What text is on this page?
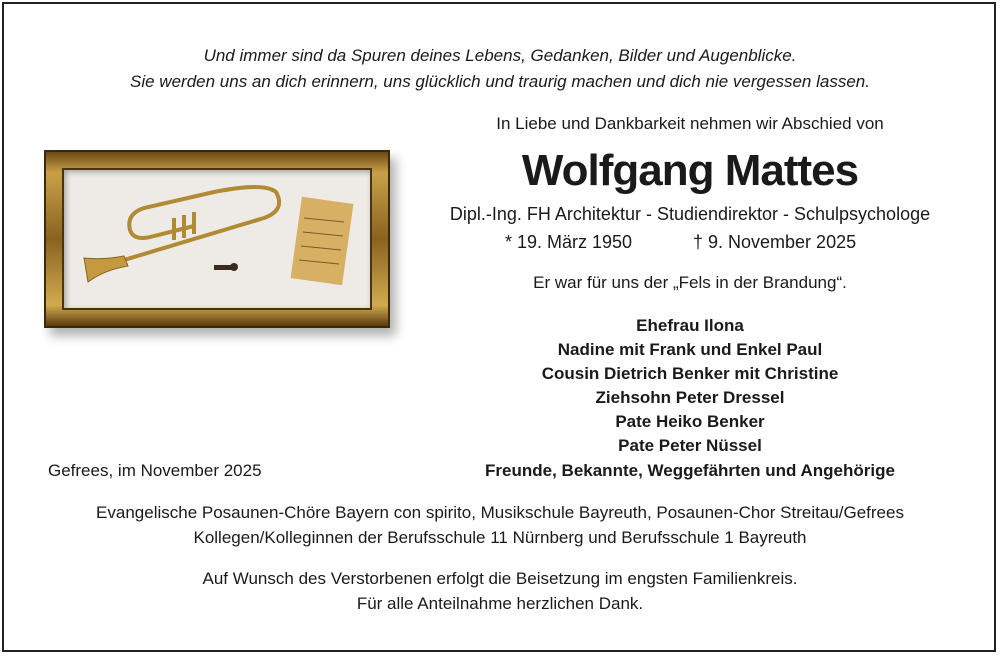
Und immer sind da Spuren deines Lebens, Gedanken, Bilder und Augenblicke.
Sie werden uns an dich erinnern, uns glücklich und traurig machen und dich nie vergessen lassen.
In Liebe und Dankbarkeit nehmen wir Abschied von
Wolfgang Mattes
Dipl.-Ing. FH Architektur - Studiendirektor - Schulpsychologe
* 19. März 1950	† 9. November 2025
Er war für uns der „Fels in der Brandung“.
Ehefrau Ilona
Nadine mit Frank und Enkel Paul
Cousin Dietrich Benker mit Christine
Ziehsohn Peter Dressel
Pate Heiko Benker
Pate Peter Nüssel
Freunde, Bekannte, Weggefährten und Angehörige
Gefrees, im November 2025
Evangelische Posaunen-Chöre Bayern con spirito, Musikschule Bayreuth, Posaunen-Chor Streitau/Gefrees
Kollegen/Kolleginnen der Berufsschule 11 Nürnberg und Berufsschule 1 Bayreuth
Auf Wunsch des Verstorbenen erfolgt die Beisetzung im engsten Familienkreis.
Für alle Anteilnahme herzlichen Dank.
